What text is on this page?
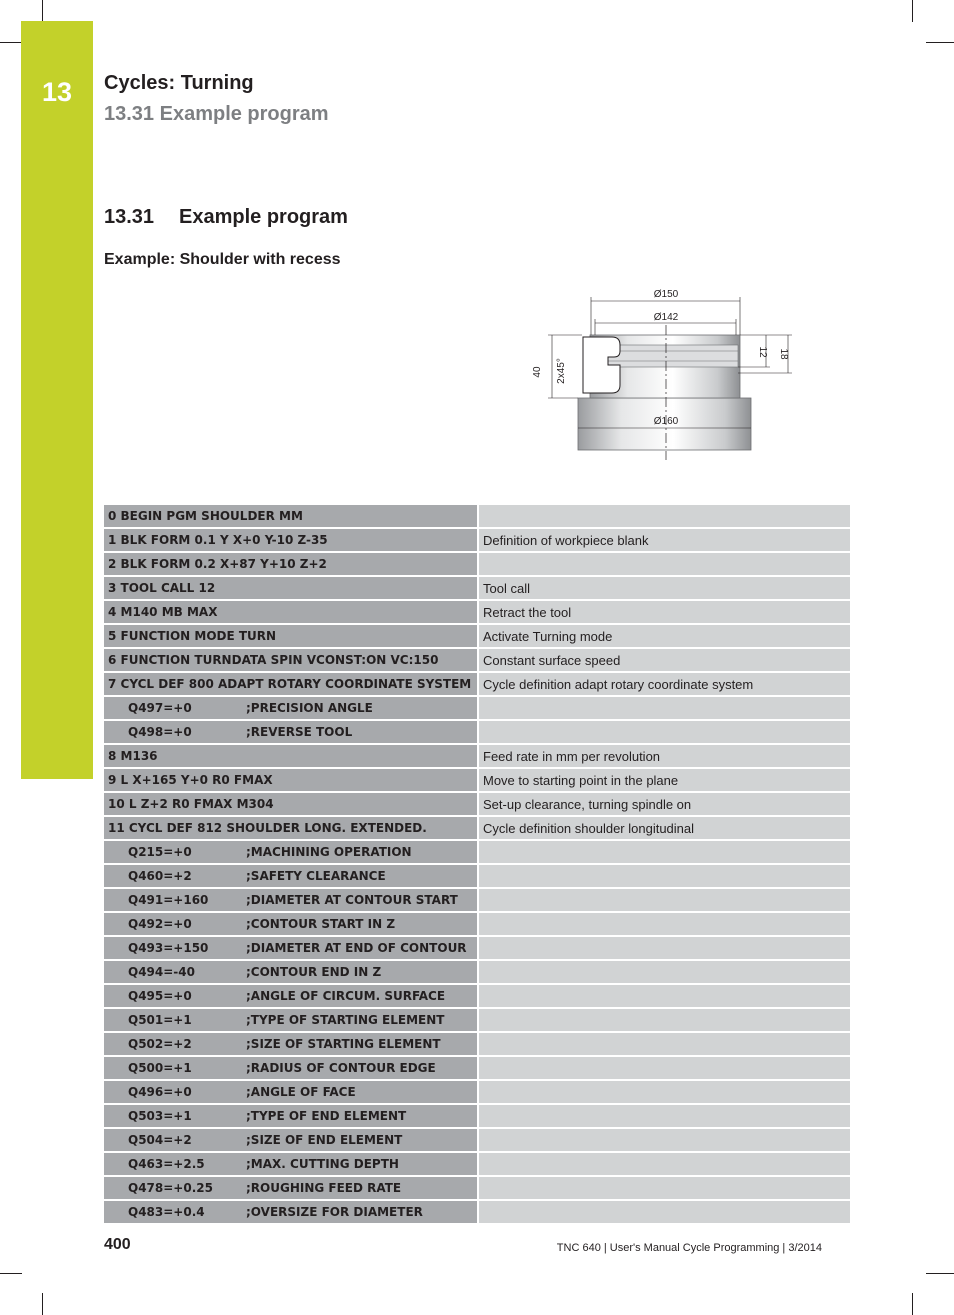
13	Cycles: Turning
13.31 Example program
13.31 Example program
Example: Shoulder with recess
Ø150
Ø142
Ø160
40 2x45°
12 18
0 BEGIN PGM SHOULDER MM	
1 BLK FORM 0.1 Y X+0 Y-10 Z-35	Definition of workpiece blank
2 BLK FORM 0.2 X+87 Y+10 Z+2	
3 TOOL CALL 12	Tool call
4 M140 MB MAX	Retract the tool
5 FUNCTION MODE TURN	Activate Turning mode
6 FUNCTION TURNDATA SPIN VCONST:ON VC:150	Constant surface speed
7 CYCL DEF 800 ADAPT ROTARY COORDINATE SYSTEM	Cycle definition adapt rotary coordinate system
Q497=+0 ;PRECISION ANGLE	
Q498=+0 ;REVERSE TOOL	
8 M136	Feed rate in mm per revolution
9 L X+165 Y+0 R0 FMAX	Move to starting point in the plane
10 L Z+2 R0 FMAX M304	Set-up clearance, turning spindle on
11 CYCL DEF 812 SHOULDER LONG. EXTENDED.	Cycle definition shoulder longitudinal
Q215=+0 ;MACHINING OPERATION	
Q460=+2 ;SAFETY CLEARANCE	
Q491=+160 ;DIAMETER AT CONTOUR START	
Q492=+0 ;CONTOUR START IN Z	
Q493=+150 ;DIAMETER AT END OF CONTOUR	
Q494=-40 ;CONTOUR END IN Z	
Q495=+0 ;ANGLE OF CIRCUM. SURFACE	
Q501=+1 ;TYPE OF STARTING ELEMENT	
Q502=+2 ;SIZE OF STARTING ELEMENT	
Q500=+1 ;RADIUS OF CONTOUR EDGE	
Q496=+0 ;ANGLE OF FACE	
Q503=+1 ;TYPE OF END ELEMENT	
Q504=+2 ;SIZE OF END ELEMENT	
Q463=+2.5 ;MAX. CUTTING DEPTH	
Q478=+0.25 ;ROUGHING FEED RATE	
Q483=+0.4 ;OVERSIZE FOR DIAMETER	
400	TNC 640 | User's Manual Cycle Programming | 3/2014
